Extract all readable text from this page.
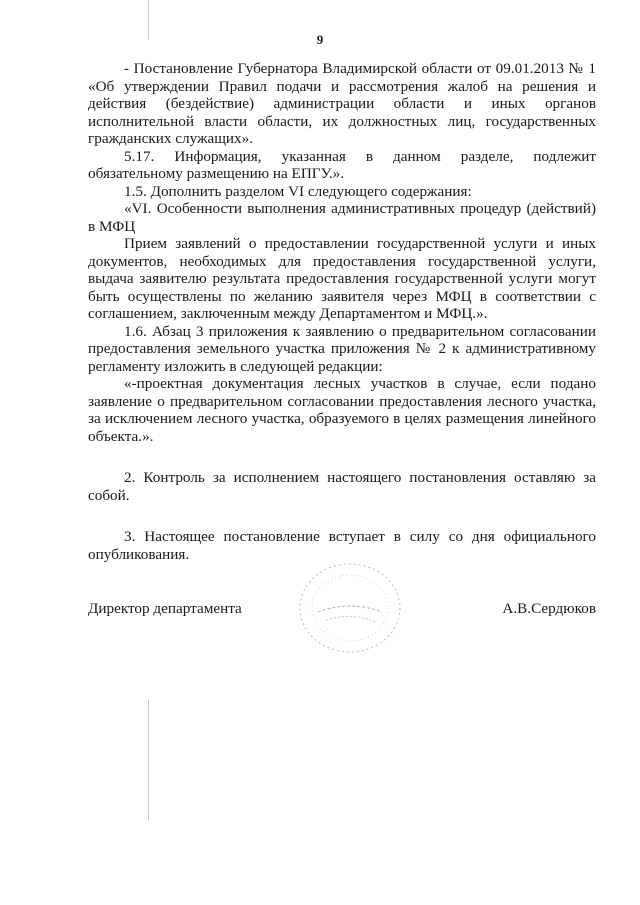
9

- Постановление Губернатора Владимирской области от 09.01.2013 № 1 «Об утверждении Правил подачи и рассмотрения жалоб на решения и действия (бездействие) администрации области и иных органов исполнительной власти области, их должностных лиц, государственных гражданских служащих».

5.17. Информация, указанная в данном разделе, подлежит обязательному размещению на ЕПГУ.».

1.5. Дополнить разделом VI следующего содержания:

«VI. Особенности выполнения административных процедур (действий) в МФЦ

Прием заявлений о предоставлении государственной услуги и иных документов, необходимых для предоставления государственной услуги, выдача заявителю результата предоставления государственной услуги могут быть осуществлены по желанию заявителя через МФЦ в соответствии с соглашением, заключенным между Департаментом и МФЦ.».

1.6. Абзац 3 приложения к заявлению о предварительном согласовании предоставления земельного участка приложения № 2 к административному регламенту изложить в следующей редакции:

«-проектная документация лесных участков в случае, если подано заявление о предварительном согласовании предоставления лесного участка, за исключением лесного участка, образуемого в целях размещения линейного объекта.».

2. Контроль за исполнением настоящего постановления оставляю за собой.

3. Настоящее постановление вступает в силу со дня официального опубликования.

Директор департамента	А.В.Сердюков
